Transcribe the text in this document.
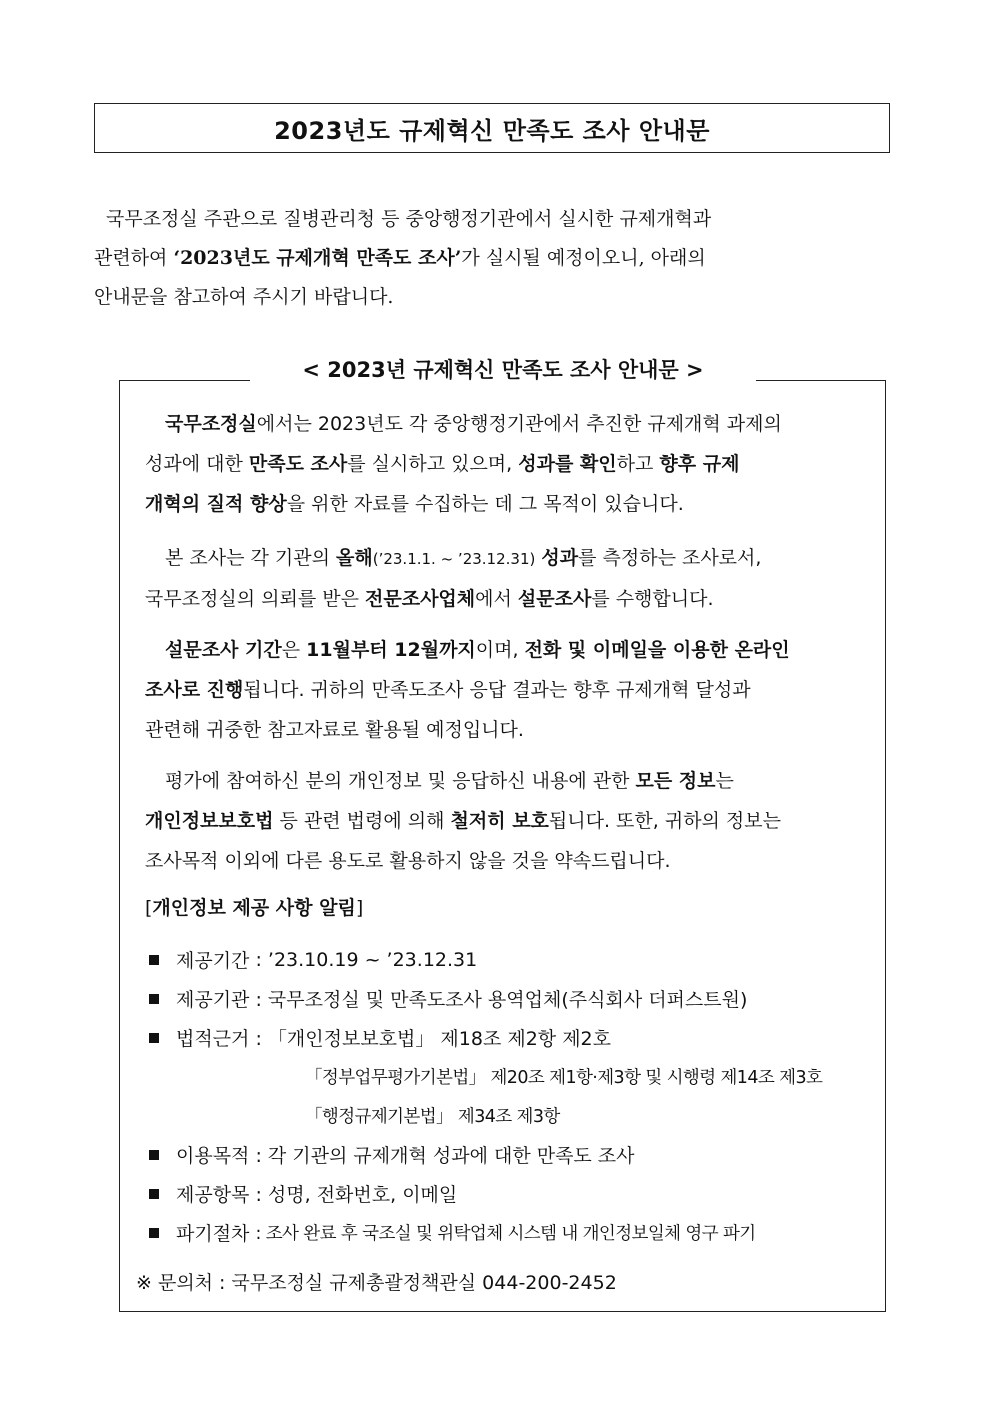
2023년도 규제혁신 만족도 조사 안내문

국무조정실 주관으로 질병관리청 등 중앙행정기관에서 실시한 규제개혁과

관련하여 ‘2023년도 규제개혁 만족도 조사’가 실시될 예정이오니, 아래의

안내문을 참고하여 주시기 바랍니다.

< 2023년 규제혁신 만족도 조사 안내문 >

국무조정실에서는 2023년도 각 중앙행정기관에서 추진한 규제개혁 과제의

성과에 대한 만족도 조사를 실시하고 있으며, 성과를 확인하고 향후 규제

개혁의 질적 향상을 위한 자료를 수집하는 데 그 목적이 있습니다.

본 조사는 각 기관의 올해(’23.1.1. ~ ’23.12.31) 성과를 측정하는 조사로서,

국무조정실의 의뢰를 받은 전문조사업체에서 설문조사를 수행합니다.

설문조사 기간은 11월부터 12월까지이며, 전화 및 이메일을 이용한 온라인

조사로 진행됩니다. 귀하의 만족도조사 응답 결과는 향후 규제개혁 달성과

관련해 귀중한 참고자료로 활용될 예정입니다.

평가에 참여하신 분의 개인정보 및 응답하신 내용에 관한 모든 정보는

개인정보보호법 등 관련 법령에 의해 철저히 보호됩니다. 또한, 귀하의 정보는

조사목적 이외에 다른 용도로 활용하지 않을 것을 약속드립니다.

[개인정보 제공 사항 알림]
제공기간
: ’23.10.19 ~ ’23.12.31
제공기관
: 국무조정실 및 만족도조사 용역업체(주식회사 더퍼스트원)
법적근거
: 「개인정보보호법」 제18조 제2항 제2호
「정부업무평가기본법」 제20조 제1항·제3항 및 시행령 제14조 제3호
「행정규제기본법」 제34조 제3항
이용목적
: 각 기관의 규제개혁 성과에 대한 만족도 조사
제공항목
: 성명, 전화번호, 이메일
파기절차
: 조사 완료 후 국조실 및 위탁업체 시스템 내 개인정보일체 영구 파기
※ 문의처 : 국무조정실 규제총괄정책관실 044-200-2452
